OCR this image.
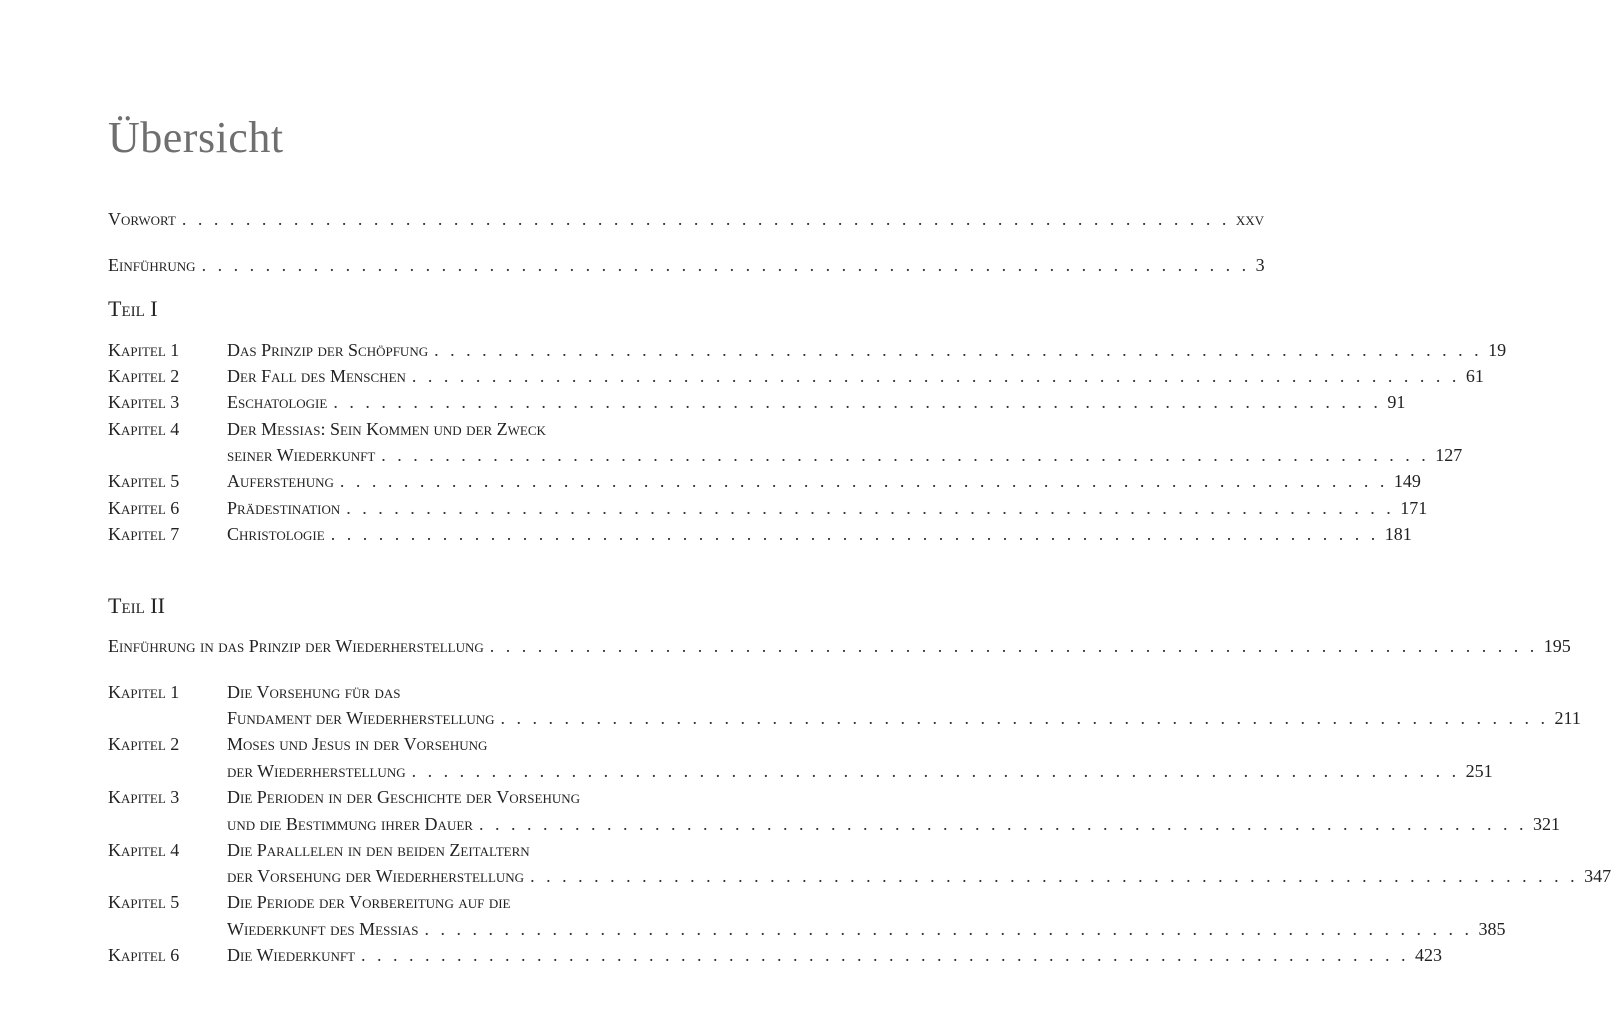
Übersicht
Vorwort . . . . . . . . . . . . . . . . . . . . . . . . . . . . . . . . . . . . . . . . . . . . . . . . . . . . . . . . . . . . . . . . . . xxv
Einführung . . . . . . . . . . . . . . . . . . . . . . . . . . . . . . . . . . . . . . . . . . . . . . . . . . . . . . . . . . . . . . . . . . 3
Teil I
Kapitel 1	Das Prinzip der Schöpfung . . . . . . . . . . . . . . . . . . . . . . . . . . . . . . . . . . . . . . . . . . . . . . . . . . . . . . . . . . . . . . . . . . 19
Kapitel 2	Der Fall des Menschen . . . . . . . . . . . . . . . . . . . . . . . . . . . . . . . . . . . . . . . . . . . . . . . . . . . . . . . . . . . . . . . . . . 61
Kapitel 3	Eschatologie . . . . . . . . . . . . . . . . . . . . . . . . . . . . . . . . . . . . . . . . . . . . . . . . . . . . . . . . . . . . . . . . . . 91
Kapitel 4	Der Messias: Sein Kommen und der Zweck
seiner Wiederkunft . . . . . . . . . . . . . . . . . . . . . . . . . . . . . . . . . . . . . . . . . . . . . . . . . . . . . . . . . . . . . . . . . . 127
Kapitel 5	Auferstehung . . . . . . . . . . . . . . . . . . . . . . . . . . . . . . . . . . . . . . . . . . . . . . . . . . . . . . . . . . . . . . . . . . 149
Kapitel 6	Prädestination . . . . . . . . . . . . . . . . . . . . . . . . . . . . . . . . . . . . . . . . . . . . . . . . . . . . . . . . . . . . . . . . . . 171
Kapitel 7	Christologie . . . . . . . . . . . . . . . . . . . . . . . . . . . . . . . . . . . . . . . . . . . . . . . . . . . . . . . . . . . . . . . . . . 181
Teil II
Einführung in das Prinzip der Wiederherstellung . . . . . . . . . . . . . . . . . . . . . . . . . . . . . . . . . . . . . . . . . . . . . . . . . . . . . . . . . . . . . . . . . . 195
Kapitel 1	Die Vorsehung für das
Fundament der Wiederherstellung . . . . . . . . . . . . . . . . . . . . . . . . . . . . . . . . . . . . . . . . . . . . . . . . . . . . . . . . . . . . . . . . . . 211
Kapitel 2	Moses und Jesus in der Vorsehung
der Wiederherstellung . . . . . . . . . . . . . . . . . . . . . . . . . . . . . . . . . . . . . . . . . . . . . . . . . . . . . . . . . . . . . . . . . . 251
Kapitel 3	Die Perioden in der Geschichte der Vorsehung
und die Bestimmung ihrer Dauer . . . . . . . . . . . . . . . . . . . . . . . . . . . . . . . . . . . . . . . . . . . . . . . . . . . . . . . . . . . . . . . . . . 321
Kapitel 4	Die Parallelen in den beiden Zeitaltern
der Vorsehung der Wiederherstellung . . . . . . . . . . . . . . . . . . . . . . . . . . . . . . . . . . . . . . . . . . . . . . . . . . . . . . . . . . . . . . . . . . 347
Kapitel 5	Die Periode der Vorbereitung auf die
Wiederkunft des Messias . . . . . . . . . . . . . . . . . . . . . . . . . . . . . . . . . . . . . . . . . . . . . . . . . . . . . . . . . . . . . . . . . . 385
Kapitel 6	Die Wiederkunft . . . . . . . . . . . . . . . . . . . . . . . . . . . . . . . . . . . . . . . . . . . . . . . . . . . . . . . . . . . . . . . . . . 423
